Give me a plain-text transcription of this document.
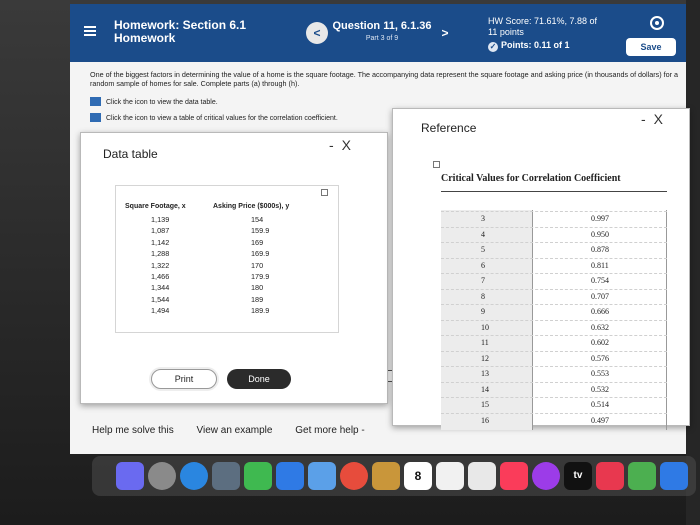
Homework: Section 6.1
Homework	<	Question 11, 6.1.36
Part 3 of 9	>
HW Score: 71.61%, 7.88 of
11 points
✓ Points: 0.11 of 1	Save
One of the biggest factors in determining the value of a home is the square footage. The accompanying data represent the square footage and asking price (in thousands of dollars) for a random sample of homes for sale. Complete parts (a) through (h).
Click the icon to view the data table.
Click the icon to view a table of critical values for the correlation coefficient.
Data table
-X
Square Footage, x	Asking Price ($000s), y
1,139	154
1,087	159.9
1,142	169
1,288	169.9
1,322	170
1,466	179.9
1,344	180
1,544	189
1,494	189.9
Print	Done
Reference
-X
Critical Values for Correlation Coefficient
3	0.997
4	0.950
5	0.878
6	0.811
7	0.754
8	0.707
9	0.666
10	0.632
11	0.602
12	0.576
13	0.553
14	0.532
15	0.514
16	0.497
Help me solve this View an example Get more help -
8	tv
